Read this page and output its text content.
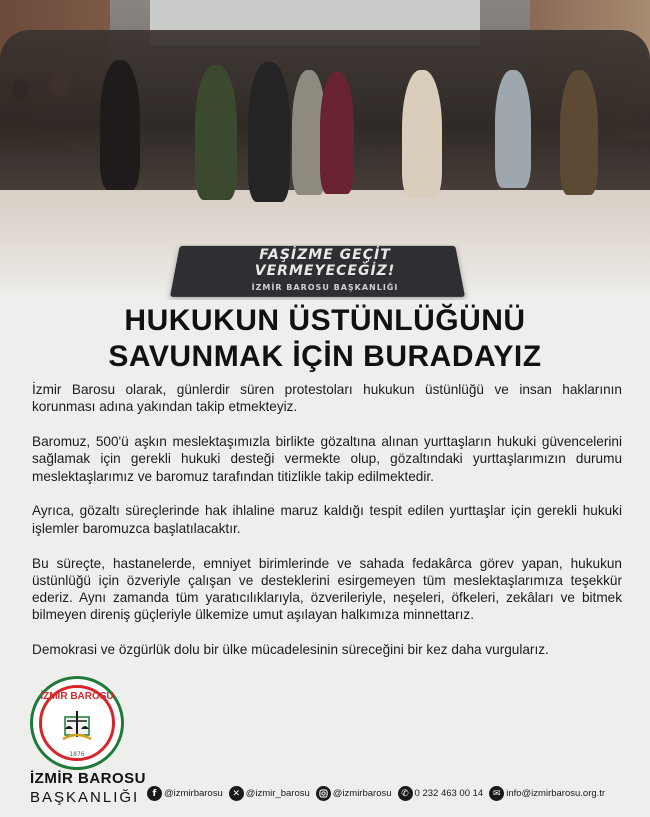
FAŞİZME GEÇİT
VERMEYECEĞİZ!
İZMİR BAROSU BAŞKANLIĞI
HUKUKUN ÜSTÜNLÜĞÜNÜ
SAVUNMAK İÇİN BURADAYIZ

İzmir Barosu olarak, günlerdir süren protestoları hukukun üstünlüğü ve insan haklarının korunması adına yakından takip etmekteyiz.

Baromuz, 500'ü aşkın meslektaşımızla birlikte gözaltına alınan yurttaşların hukuki güvencelerini sağlamak için gerekli hukuki desteği vermekte olup, gözaltındaki yurttaşlarımızın durumu meslektaşlarımız ve baromuz tarafından titizlikle takip edilmektedir.

Ayrıca, gözaltı süreçlerinde hak ihlaline maruz kaldığı tespit edilen yurttaşlar için gerekli hukuki işlemler baromuzca başlatılacaktır.

Bu süreçte, hastanelerde, emniyet birimlerinde ve sahada fedakârca görev yapan, hukukun üstünlüğü için özveriyle çalışan ve desteklerini esirgemeyen tüm meslektaşlarımıza teşekkür ederiz. Aynı zamanda tüm yaratıcılıklarıyla, özverileriyle, neşeleri, öfkeleri, zekâları ve bitmek bilmeyen direniş güçleriyle ülkemize umut aşılayan halkımıza minnettarız.

Demokrasi ve özgürlük dolu bir ülke mücadelesinin süreceğini bir kez daha vurgularız.

İZMİR BAROSU
1876
İZMİR BAROSU
BAŞKANLIĞI	f @izmirbarosu	✕ @izmir_barosu @izmirbarosu	✆ 0 232 463 00 14	✉ info@izmirbarosu.org.tr
